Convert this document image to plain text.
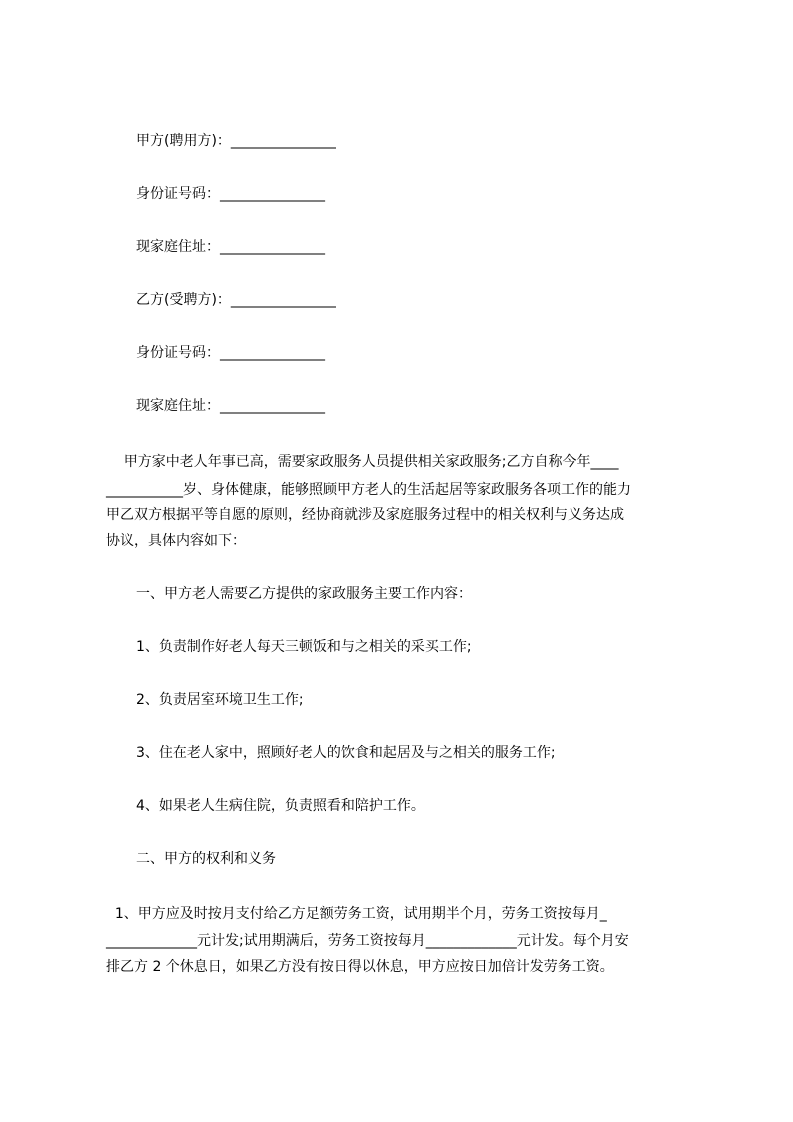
甲方(聘用方)：_______________
身份证号码：_______________
现家庭住址：_______________
乙方(受聘方)：_______________
身份证号码：_______________
现家庭住址：_______________
甲方家中老人年事已高，需要家政服务人员提供相关家政服务;乙方自称今年____
___________岁、身体健康，能够照顾甲方老人的生活起居等家政服务各项工作的能力
甲乙双方根据平等自愿的原则，经协商就涉及家庭服务过程中的相关权利与义务达成
协议，具体内容如下：
一、甲方老人需要乙方提供的家政服务主要工作内容：
1、负责制作好老人每天三顿饭和与之相关的采买工作;
2、负责居室环境卫生工作;
3、住在老人家中，照顾好老人的饮食和起居及与之相关的服务工作;
4、如果老人生病住院，负责照看和陪护工作。
二、甲方的权利和义务
1、甲方应及时按月支付给乙方足额劳务工资，试用期半个月，劳务工资按每月_
_____________元计发;试用期满后，劳务工资按每月_____________元计发。每个月安
排乙方 2 个休息日，如果乙方没有按日得以休息，甲方应按日加倍计发劳务工资。
